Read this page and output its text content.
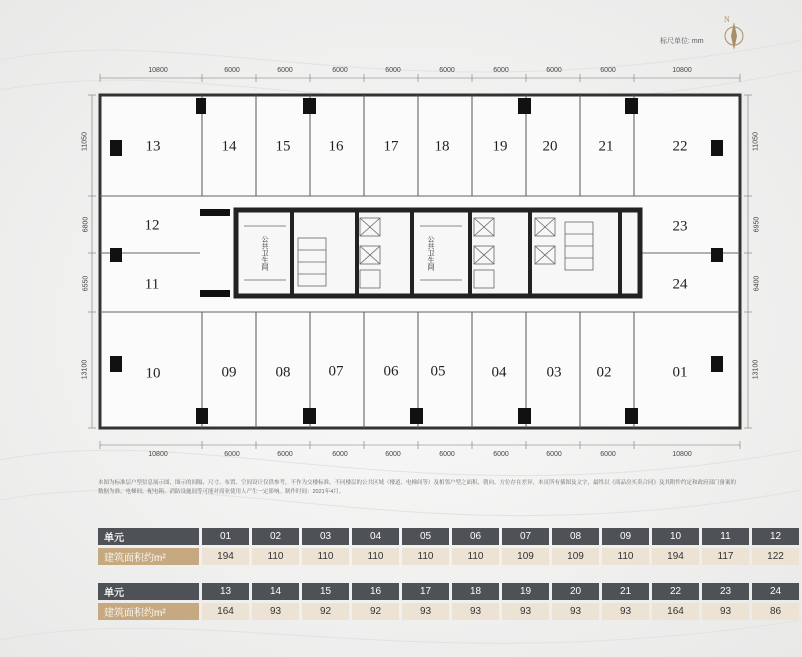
N
标尺单位: mm
10800	6000	6000	6000	6000	6000	6000	6000	6000	10800
10800	6000	6000	6000	6000	6000	6000	6000	6000	10800
11050
6800
6550
13100
11050
6950
6400
13100
公共卫生间	公共卫生间
13	14	15	16	17 18	19 20	21	22
12
11
23
24
10	09	08	07	06 05	04	03 02	01
本图为标准层户型信息展示图，图示的间隔、尺寸、布置、空间设计仅供参考，不作为交楼标准。不同楼层的公共区域（楼道、电梯间等）及相邻户型之面积、朝向、方位存在差异，本页所有插图及文字，最终以《商品房买卖合同》及其附件约定和政府部门备案的数据为准。电梯间、配电箱、消防设施间等可能对商业使用人产生一定影响。制作时间：2021年4月。
单元	01	02	03	04	05	06	07	08	09	10	11	12
建筑面积约m²	194	110	110	110	110	110	109	109	110	194	117	122
单元	13	14	15	16	17	18	19	20	21	22	23	24
建筑面积约m²	164	93	92	92	93	93	93	93	93	164	93	86
